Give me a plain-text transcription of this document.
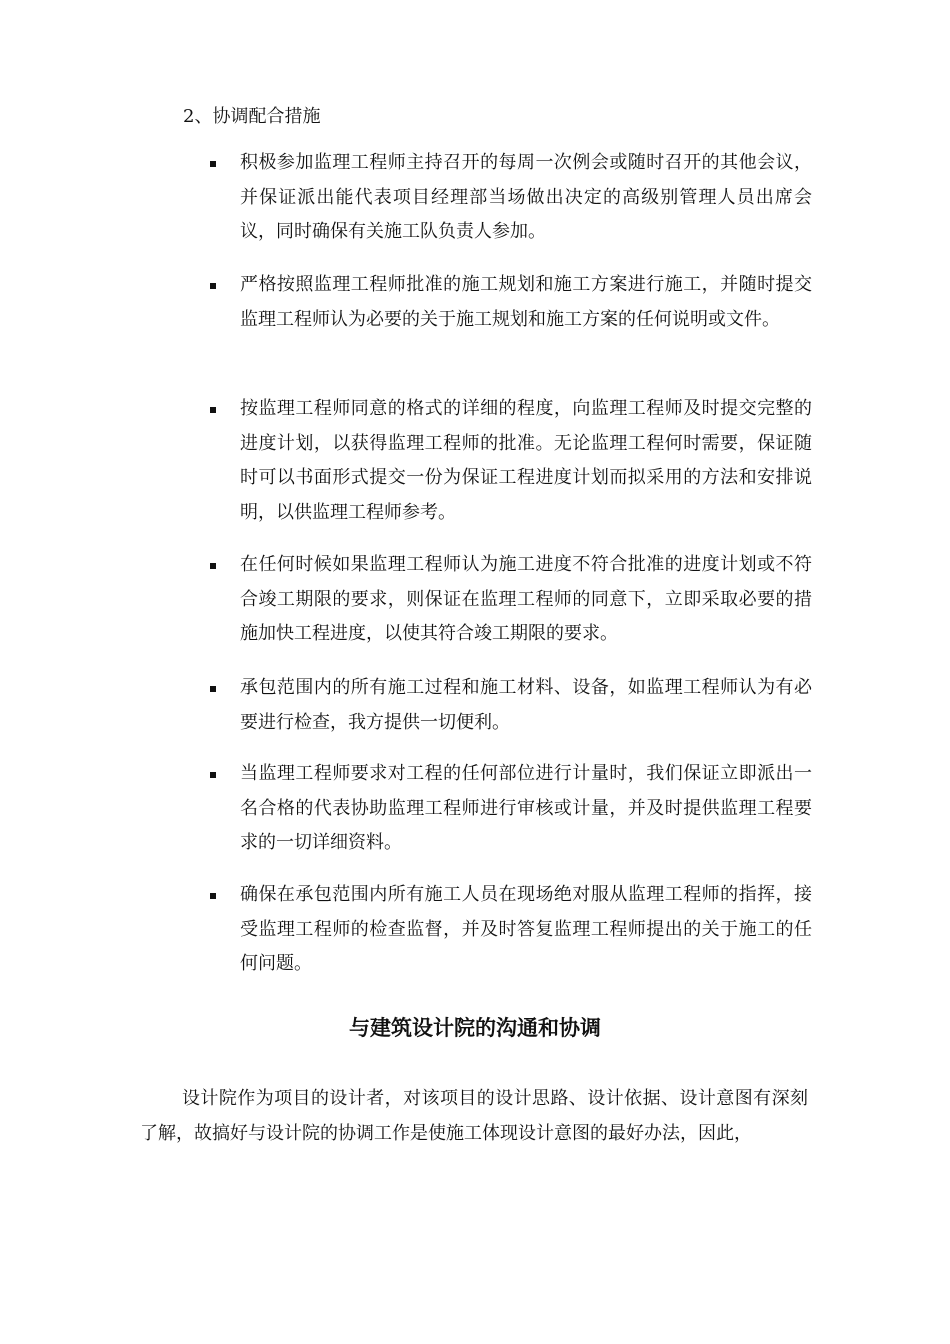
2、协调配合措施
积极参加监理工程师主持召开的每周一次例会或随时召开的其他会议，并保证派出能代表项目经理部当场做出决定的高级别管理人员出席会议，同时确保有关施工队负责人参加。
严格按照监理工程师批准的施工规划和施工方案进行施工，并随时提交监理工程师认为必要的关于施工规划和施工方案的任何说明或文件。
按监理工程师同意的格式的详细的程度，向监理工程师及时提交完整的进度计划，以获得监理工程师的批准。无论监理工程何时需要，保证随时可以书面形式提交一份为保证工程进度计划而拟采用的方法和安排说明，以供监理工程师参考。
在任何时候如果监理工程师认为施工进度不符合批准的进度计划或不符合竣工期限的要求，则保证在监理工程师的同意下，立即采取必要的措施加快工程进度，以使其符合竣工期限的要求。
承包范围内的所有施工过程和施工材料、设备，如监理工程师认为有必要进行检查，我方提供一切便利。
当监理工程师要求对工程的任何部位进行计量时，我们保证立即派出一名合格的代表协助监理工程师进行审核或计量，并及时提供监理工程要求的一切详细资料。
确保在承包范围内所有施工人员在现场绝对服从监理工程师的指挥，接受监理工程师的检查监督，并及时答复监理工程师提出的关于施工的任何问题。
与建筑设计院的沟通和协调
设计院作为项目的设计者，对该项目的设计思路、设计依据、设计意图有深刻了解，故搞好与设计院的协调工作是使施工体现设计意图的最好办法，因此，
